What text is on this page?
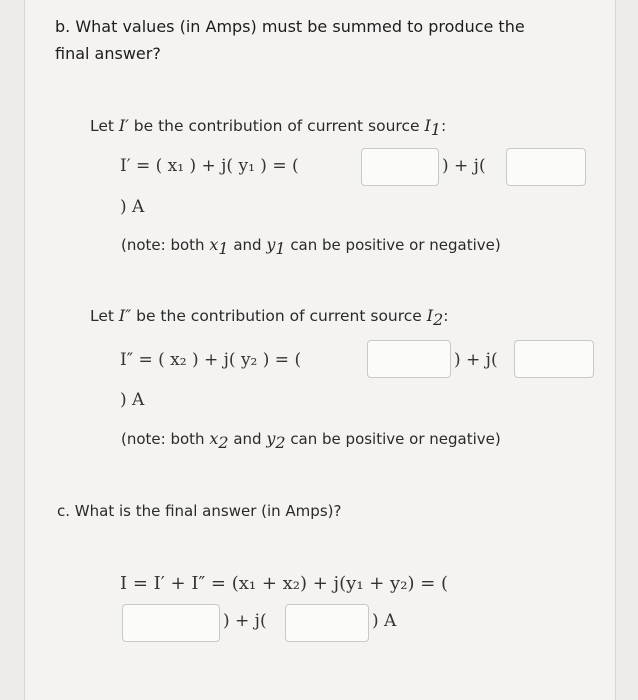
b. What values (in Amps) must be summed to produce the
final answer?
Let I′ be the contribution of current source $I_1$:
I′ = ( x₁ ) + j( y₁ ) = (	) + j(
) A
(note: both $x_1$ and $y_1$ can be positive or negative)
Let I″ be the contribution of current source $I_2$:
I″ = ( x₂ ) + j( y₂ ) = (	) + j(
) A
(note: both $x_2$ and $y_2$ can be positive or negative)
c. What is the final answer (in Amps)?
I = I′ + I″ = (x₁ + x₂) + j(y₁ + y₂) = (
) + j(	) A
